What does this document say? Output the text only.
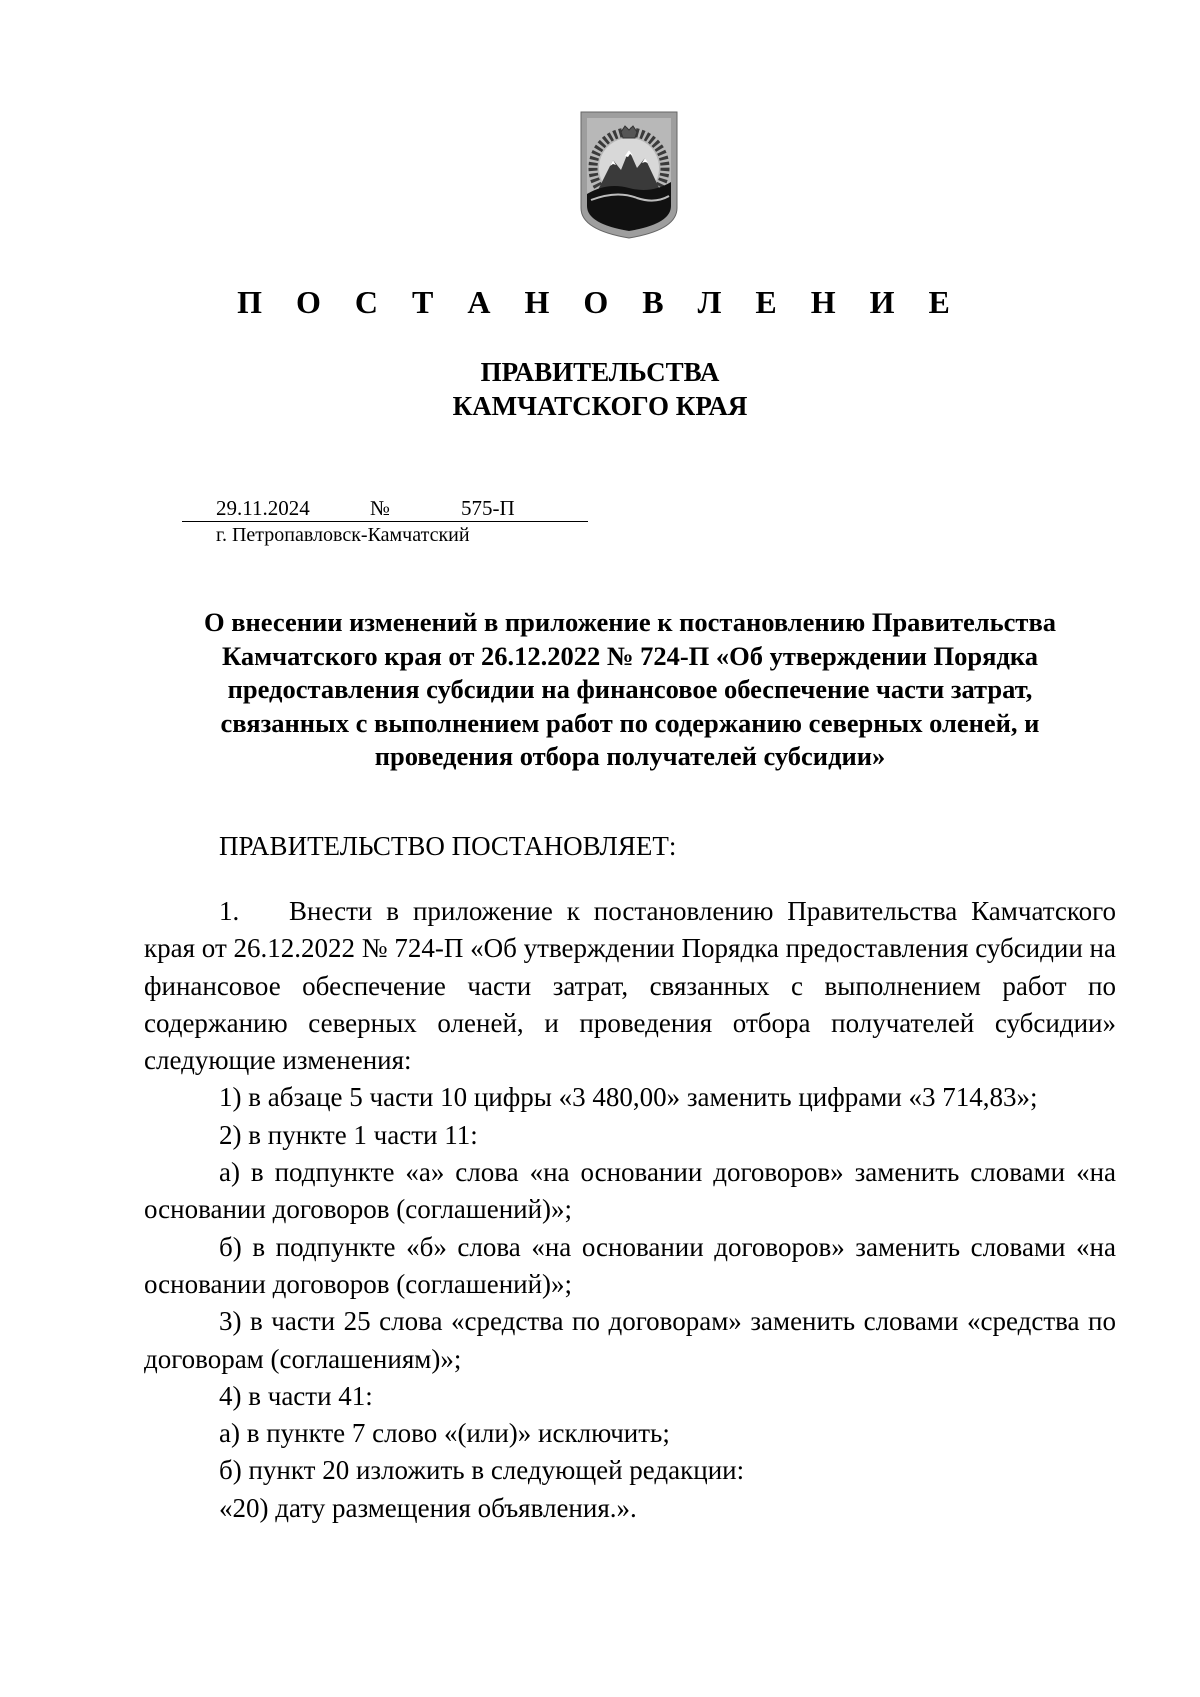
П О С Т А Н О В Л Е Н И Е
ПРАВИТЕЛЬСТВА
КАМЧАТСКОГО КРАЯ
29.11.2024	№	575-П
г. Петропавловск-Камчатский
О внесении изменений в приложение к постановлению Правительства
Камчатского края от 26.12.2022 № 724-П «Об утверждении Порядка
предоставления субсидии на финансовое обеспечение части затрат,
связанных с выполнением работ по содержанию северных оленей, и
проведения отбора получателей субсидии»
ПРАВИТЕЛЬСТВО ПОСТАНОВЛЯЕТ:

1. Внести в приложение к постановлению Правительства Камчатского края от 26.12.2022 № 724-П «Об утверждении Порядка предоставления субсидии на финансовое обеспечение части затрат, связанных с выполнением работ по содержанию северных оленей, и проведения отбора получателей субсидии» следующие изменения:

1) в абзаце 5 части 10 цифры «3 480,00» заменить цифрами «3 714,83»;

2) в пункте 1 части 11:

а) в подпункте «а» слова «на основании договоров» заменить словами «на основании договоров (соглашений)»;

б) в подпункте «б» слова «на основании договоров» заменить словами «на основании договоров (соглашений)»;

3) в части 25 слова «средства по договорам» заменить словами «средства по договорам (соглашениям)»;

4) в части 41:

а) в пункте 7 слово «(или)» исключить;

б) пункт 20 изложить в следующей редакции:

«20) дату размещения объявления.».
